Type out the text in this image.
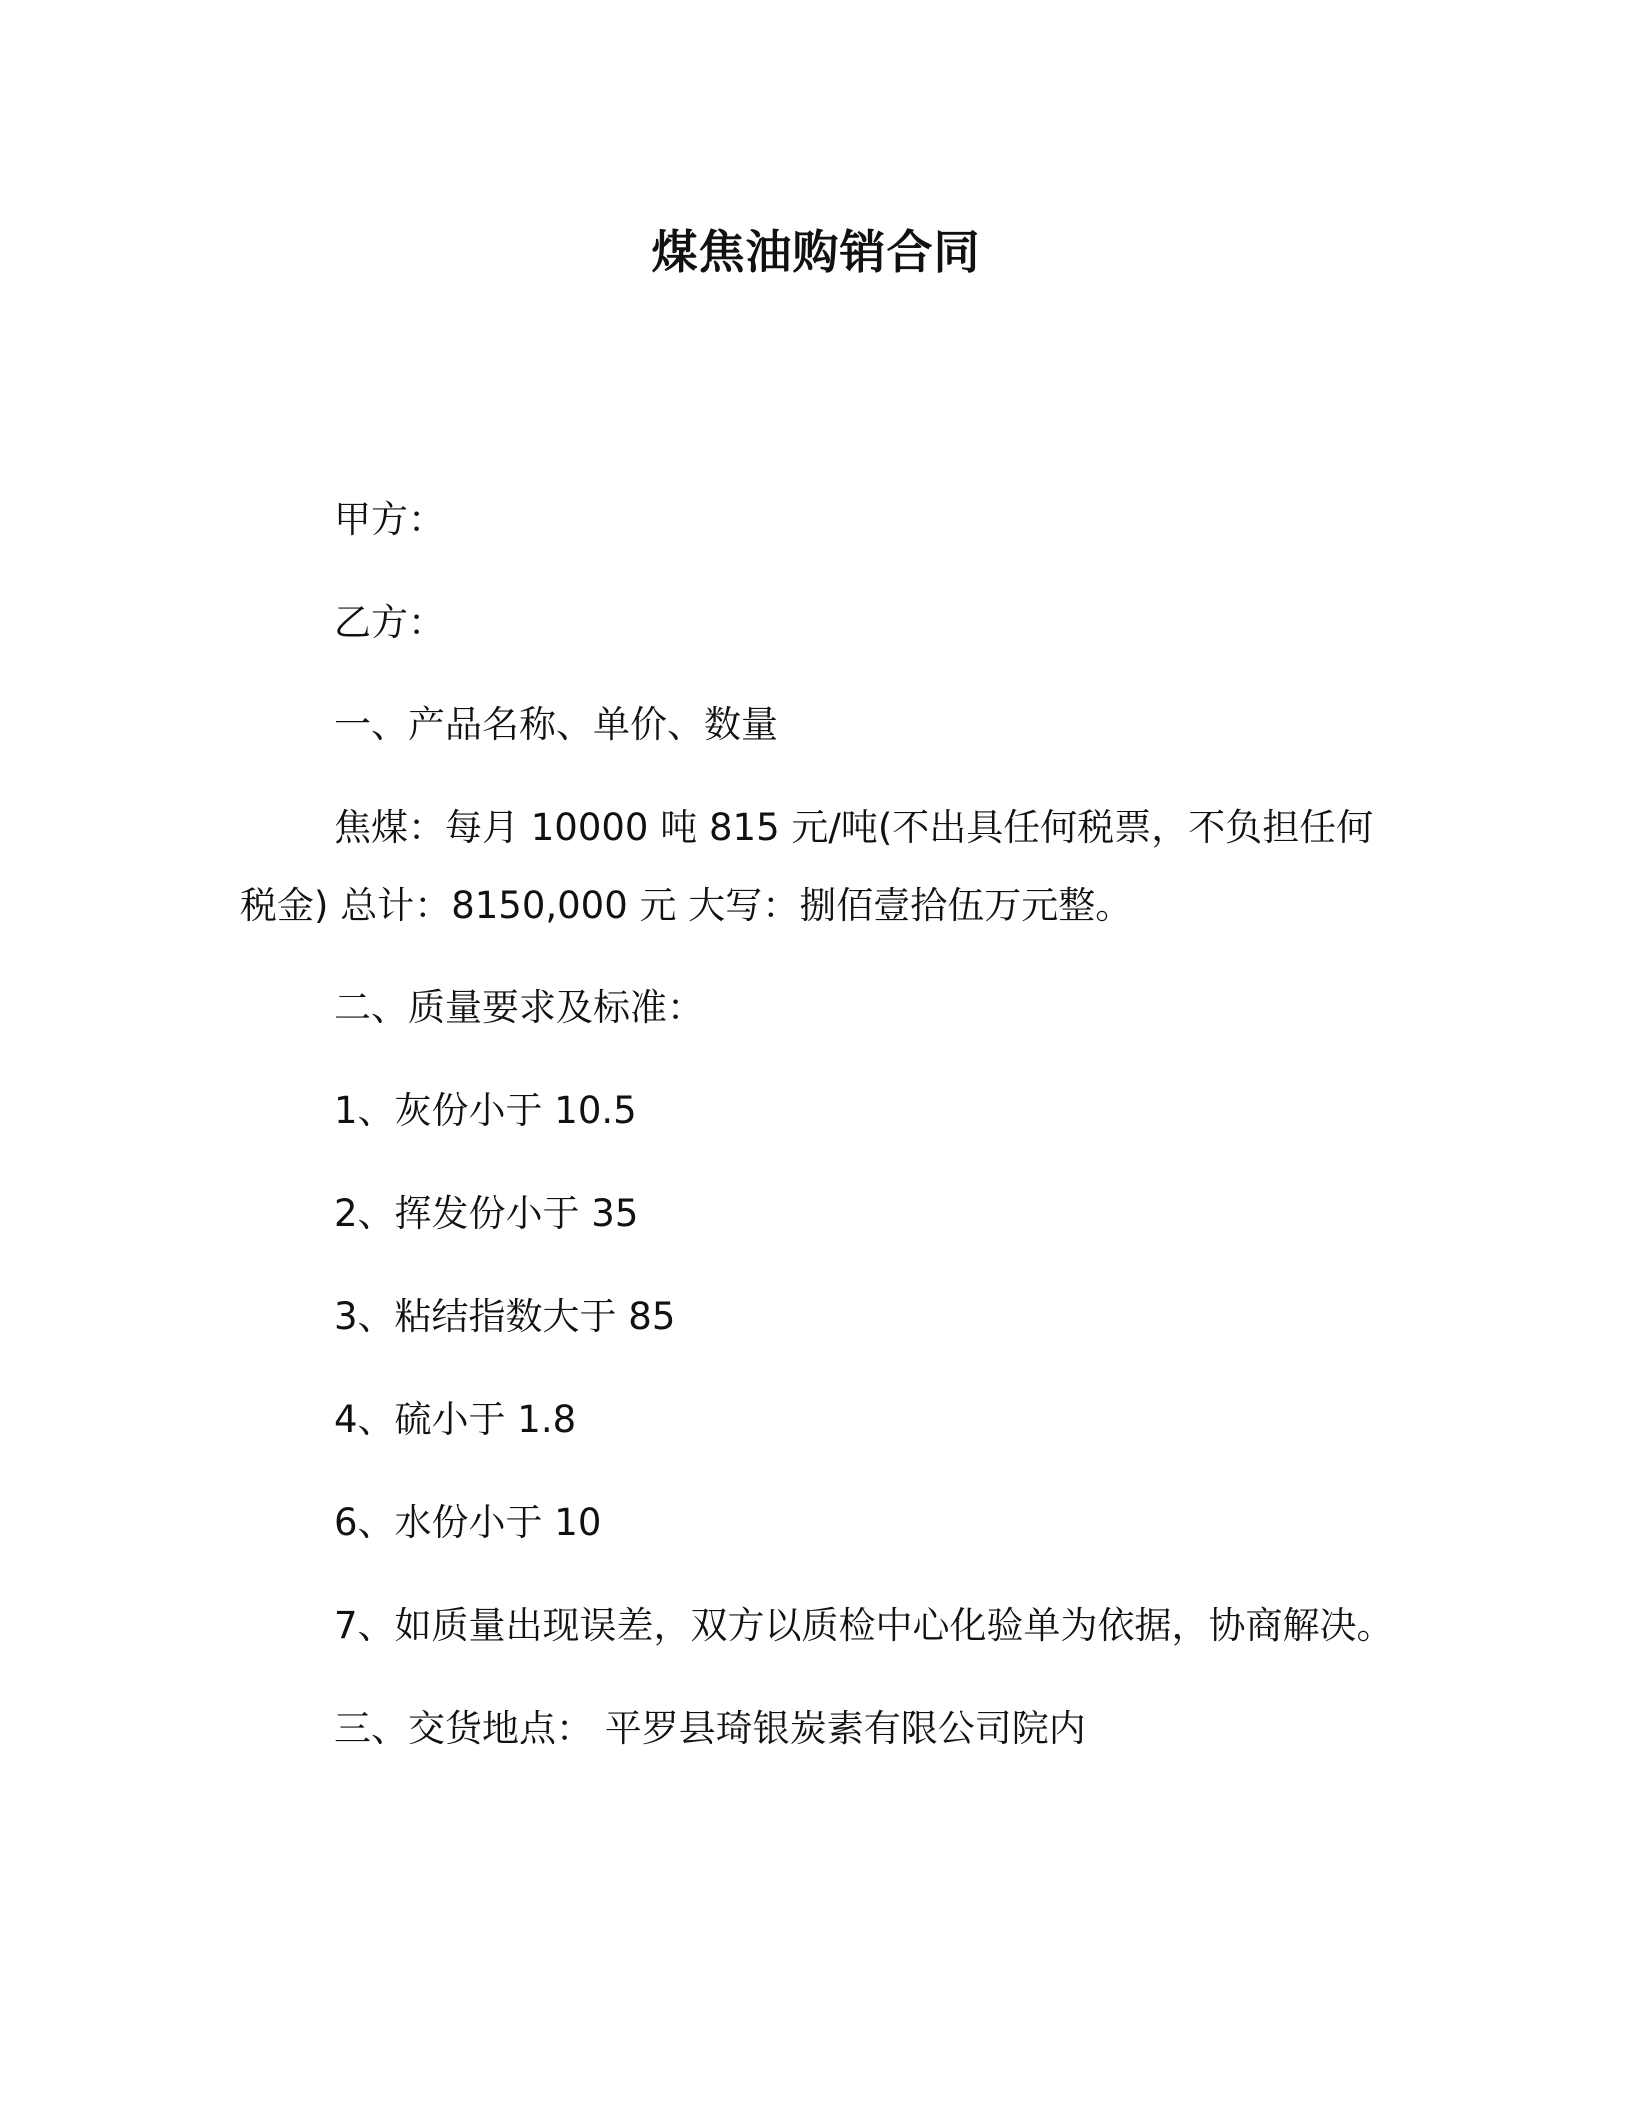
煤焦油购销合同
甲方：
乙方：
一、产品名称、单价、数量
焦煤：每月 10000 吨 815 元/吨(不出具任何税票，不负担任何税金) 总计：8150,000 元 大写：捌佰壹拾伍万元整。
二、质量要求及标准：
1、灰份小于 10.5
2、挥发份小于 35
3、粘结指数大于 85
4、硫小于 1.8
6、水份小于 10
7、如质量出现误差，双方以质检中心化验单为依据，协商解决。
三、交货地点： 平罗县琦银炭素有限公司院内
